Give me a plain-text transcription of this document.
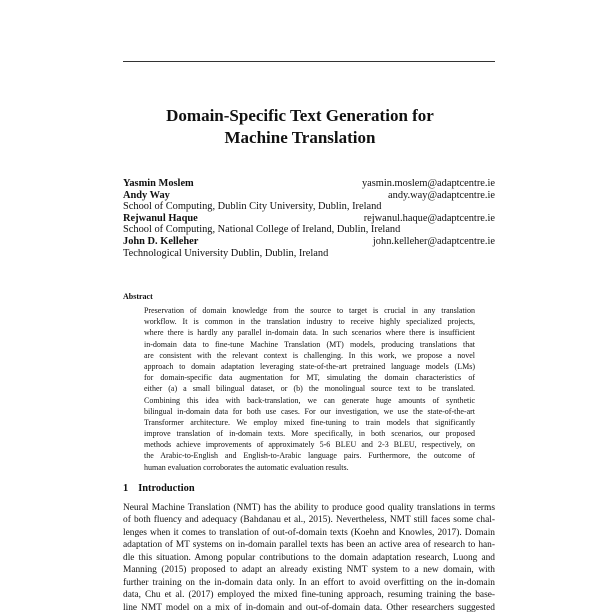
Domain-Specific Text Generation for
Machine Translation
Yasmin Moslem	yasmin.moslem@adaptcentre.ie
Andy Way	andy.way@adaptcentre.ie
School of Computing, Dublin City University, Dublin, Ireland
Rejwanul Haque	rejwanul.haque@adaptcentre.ie
School of Computing, National College of Ireland, Dublin, Ireland
John D. Kelleher	john.kelleher@adaptcentre.ie
Technological University Dublin, Dublin, Ireland
Abstract
Preservation of domain knowledge from the source to target is crucial in any translation
workflow. It is common in the translation industry to receive highly specialized projects,
where there is hardly any parallel in-domain data. In such scenarios where there is insufficient
in-domain data to fine-tune Machine Translation (MT) models, producing translations that
are consistent with the relevant context is challenging. In this work, we propose a novel
approach to domain adaptation leveraging state-of-the-art pretrained language models (LMs)
for domain-specific data augmentation for MT, simulating the domain characteristics of
either (a) a small bilingual dataset, or (b) the monolingual source text to be translated.
Combining this idea with back-translation, we can generate huge amounts of synthetic
bilingual in-domain data for both use cases. For our investigation, we use the state-of-the-art
Transformer architecture. We employ mixed fine-tuning to train models that significantly
improve translation of in-domain texts. More specifically, in both scenarios, our proposed
methods achieve improvements of approximately 5-6 BLEU and 2-3 BLEU, respectively, on
the Arabic-to-English and English-to-Arabic language pairs. Furthermore, the outcome of
human evaluation corroborates the automatic evaluation results.
1 Introduction
Neural Machine Translation (NMT) has the ability to produce good quality translations in terms
of both fluency and adequacy (Bahdanau et al., 2015). Nevertheless, NMT still faces some chal-
lenges when it comes to translation of out-of-domain texts (Koehn and Knowles, 2017). Domain
adaptation of MT systems on in-domain parallel texts has been an active area of research to han-
dle this situation. Among popular contributions to the domain adaptation research, Luong and
Manning (2015) proposed to adapt an already existing NMT system to a new domain, with
further training on the in-domain data only. In an effort to avoid overfitting on the in-domain
data, Chu et al. (2017) employed the mixed fine-tuning approach, resuming training the base-
line NMT model on a mix of in-domain and out-of-domain data. Other researchers suggested
